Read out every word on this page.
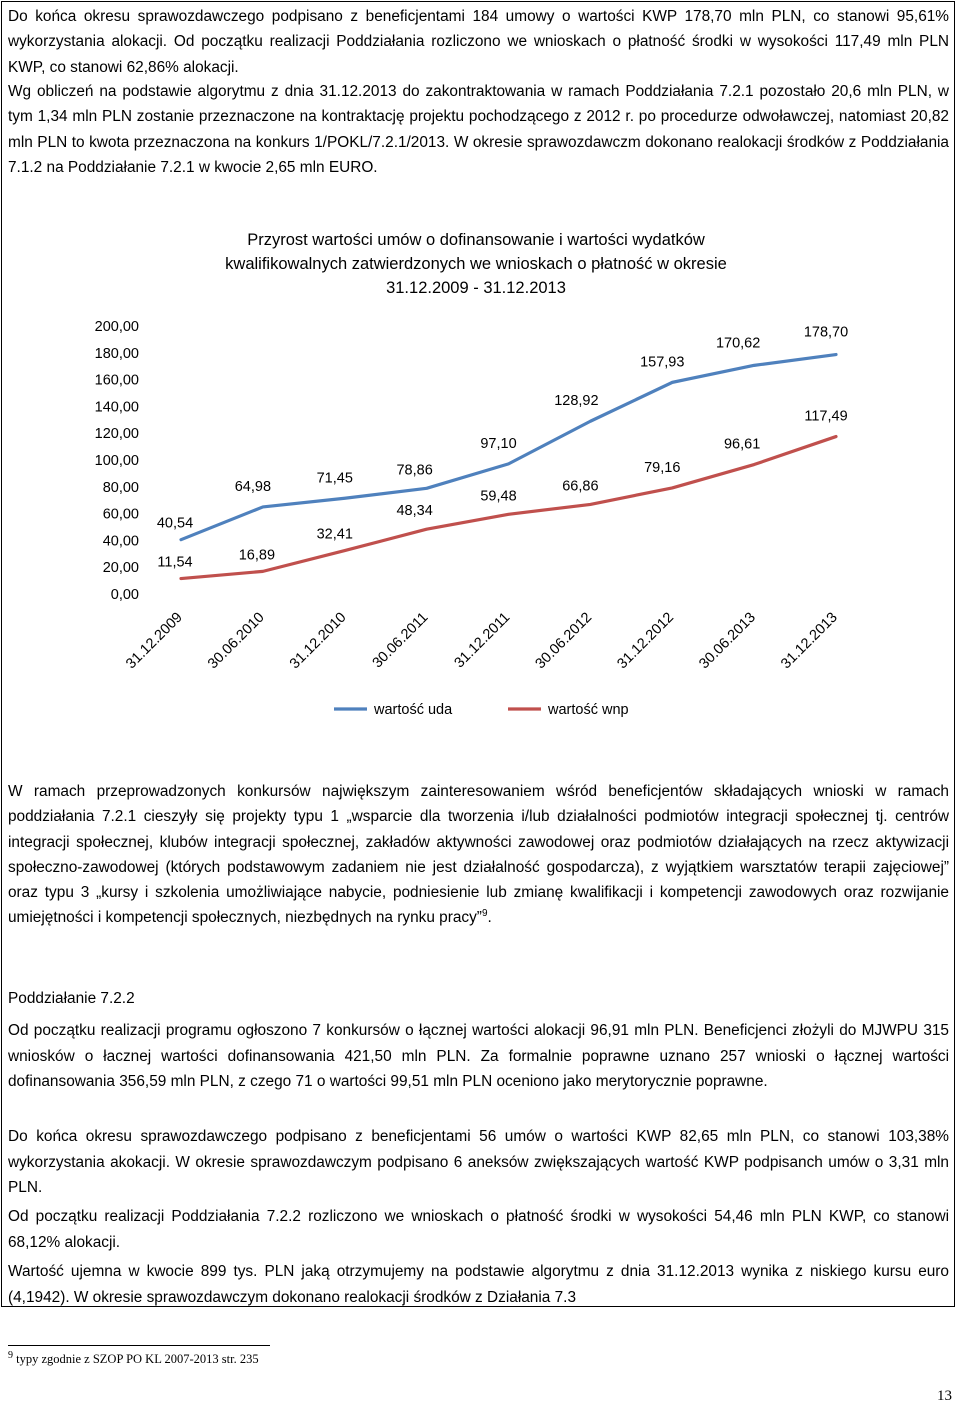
Do końca okresu sprawozdawczego podpisano z beneficjentami 184 umowy o wartości KWP 178,70 mln PLN, co stanowi 95,61% wykorzystania alokacji. Od początku realizacji Poddziałania rozliczono we wnioskach o płatność środki w wysokości 117,49 mln PLN KWP, co stanowi 62,86% alokacji.

Wg obliczeń na podstawie algorytmu z dnia 31.12.2013 do zakontraktowania w ramach Poddziałania 7.2.1 pozostało 20,6 mln PLN, w tym 1,34 mln PLN zostanie przeznaczone na kontraktację projektu pochodzącego z 2012 r. po procedurze odwoławczej, natomiast 20,82 mln PLN to kwota przeznaczona na konkurs 1/POKL/7.2.1/2013. W okresie sprawozdawczm dokonano realokacji środków z Poddziałania 7.1.2 na Poddziałanie 7.2.1 w kwocie 2,65 mln EURO.

Przyrost wartości umów o dofinansowanie i wartości wydatków
kwalifikowalnych zatwierdzonych we wnioskach o płatność w okresie
31.12.2009 - 31.12.2013
0,00
20,00
40,00
60,00
80,00
100,00
120,00
140,00
160,00
180,00
200,00
31.12.2009 30.06.2010 31.12.2010 30.06.2011 31.12.2011 30.06.2012 31.12.2012 30.06.2013 31.12.2013
40,54
64,98
71,45	78,86
97,10
128,92
157,93
170,62
178,70
11,54	16,89
32,41
48,34
59,48
66,86
79,16
96,61
117,49
wartość uda	wartość wnp

W ramach przeprowadzonych konkursów największym zainteresowaniem wśród beneficjentów składających wnioski w ramach poddziałania 7.2.1 cieszyły się projekty typu 1 „wsparcie dla tworzenia i/lub działalności podmiotów integracji społecznej tj. centrów integracji społecznej, klubów integracji społecznej, zakładów aktywności zawodowej oraz podmiotów działających na rzecz aktywizacji społeczno-zawodowej (których podstawowym zadaniem nie jest działalność gospodarcza), z wyjątkiem warsztatów terapii zajęciowej” oraz typu 3 „kursy i szkolenia umożliwiające nabycie, podniesienie lub zmianę kwalifikacji i kompetencji zawodowych oraz rozwijanie umiejętności i kompetencji społecznych, niezbędnych na rynku pracy”$^9$.

Poddziałanie 7.2.2

Od początku realizacji programu ogłoszono 7 konkursów o łącznej wartości alokacji 96,91 mln PLN. Beneficjenci złożyli do MJWPU 315 wniosków o łacznej wartości dofinansowania 421,50 mln PLN. Za formalnie poprawne uznano 257 wnioski o łącznej wartości dofinansowania 356,59 mln PLN, z czego 71 o wartości 99,51 mln PLN oceniono jako merytorycznie poprawne.

Do końca okresu sprawozdawczego podpisano z beneficjentami 56 umów o wartości KWP 82,65 mln PLN, co stanowi 103,38% wykorzystania akokacji. W okresie sprawozdawczym podpisano 6 aneksów zwiększających wartość KWP podpisanch umów o 3,31 mln PLN.

Od początku realizacji Poddziałania 7.2.2 rozliczono we wnioskach o płatność środki w wysokości 54,46 mln PLN KWP, co stanowi 68,12% alokacji.

Wartość ujemna w kwocie 899 tys. PLN jaką otrzymujemy na podstawie algorytmu z dnia 31.12.2013 wynika z niskiego kursu euro (4,1942). W okresie sprawozdawczym dokonano realokacji środków z Działania 7.3

$^9$ typy zgodnie z SZOP PO KL 2007-2013 str. 235
13
